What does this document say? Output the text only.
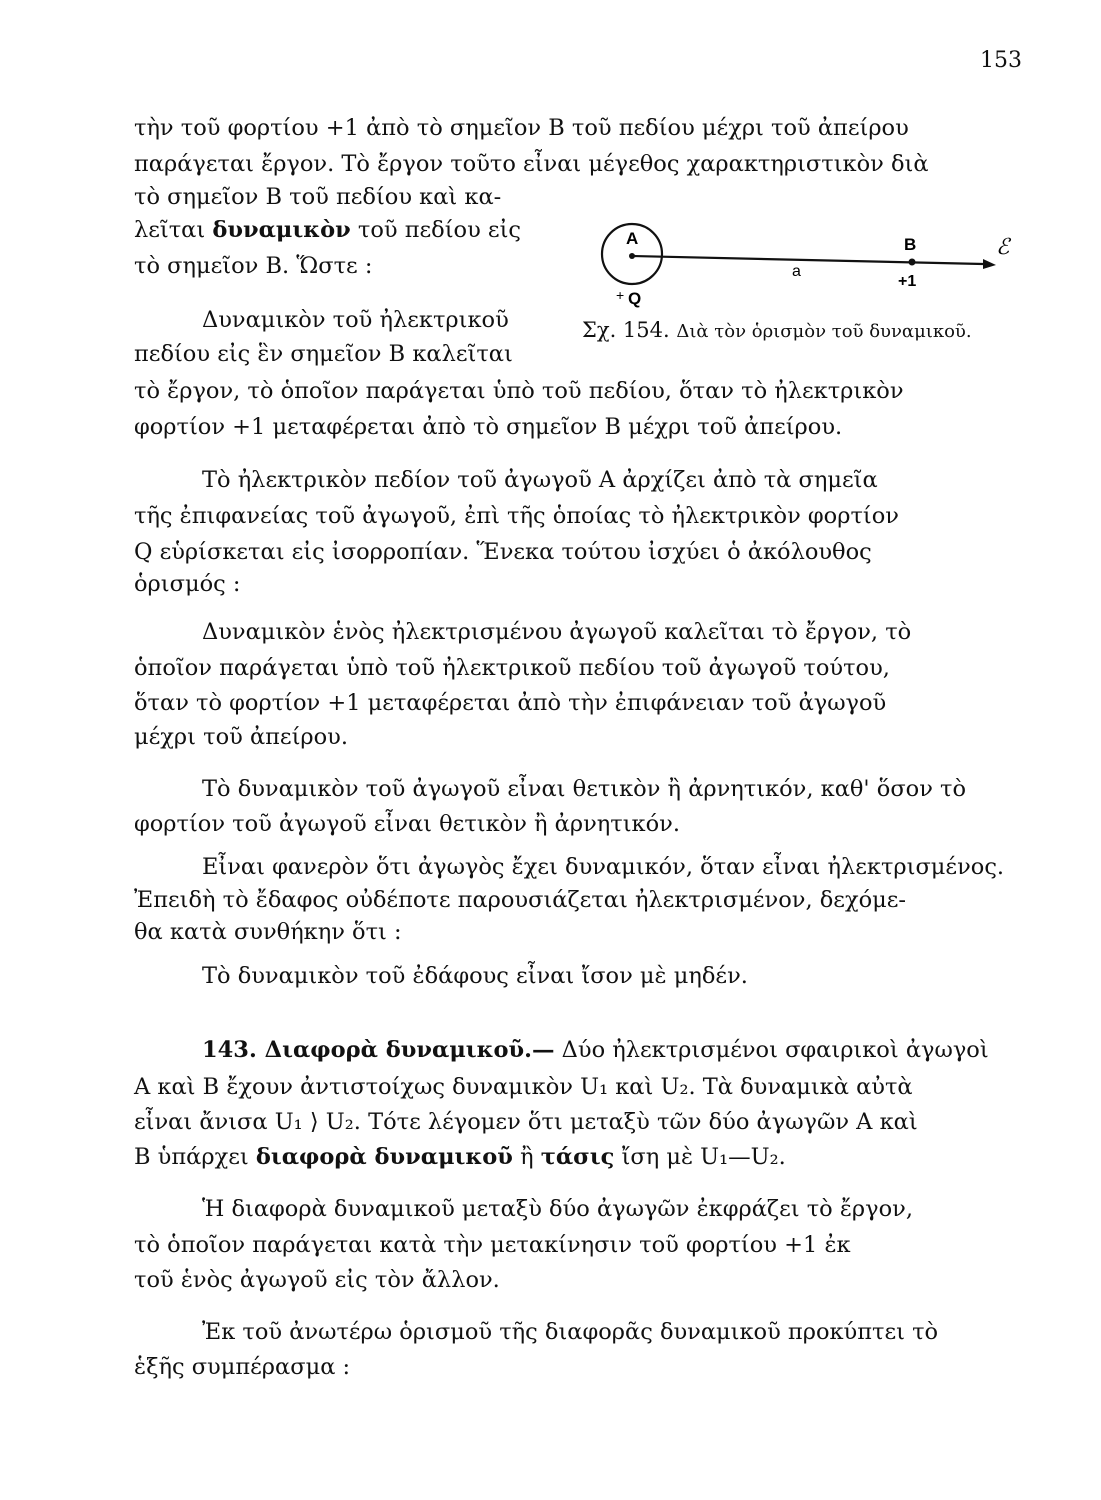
153
τὴν τοῦ φορτίου +1 ἀπὸ τὸ σημεῖον Β τοῦ πεδίου μέχρι τοῦ ἀπείρου
παράγεται ἔργον. Τὸ ἔργον τοῦτο εἶναι μέγεθος χαρακτηριστικὸν διὰ
τὸ σημεῖον Β τοῦ πεδίου καὶ κα-
λεῖται δυναμικὸν τοῦ πεδίου εἰς
τὸ σημεῖον Β. Ὥστε :
A	B
a
+1
+ Q
ℰ
Σχ. 154. Διὰ τὸν ὁρισμὸν τοῦ δυναμικοῦ.
Δυναμικὸν τοῦ ἠλεκτρικοῦ
πεδίου εἰς ἓν σημεῖον Β καλεῖται
τὸ ἔργον, τὸ ὁποῖον παράγεται ὑπὸ τοῦ πεδίου, ὅταν τὸ ἠλεκτρικὸν
φορτίον +1 μεταφέρεται ἀπὸ τὸ σημεῖον Β μέχρι τοῦ ἀπείρου.
Τὸ ἠλεκτρικὸν πεδίον τοῦ ἀγωγοῦ Α ἀρχίζει ἀπὸ τὰ σημεῖα
τῆς ἐπιφανείας τοῦ ἀγωγοῦ, ἐπὶ τῆς ὁποίας τὸ ἠλεκτρικὸν φορτίον
Q εὑρίσκεται εἰς ἰσορροπίαν. Ἕνεκα τούτου ἰσχύει ὁ ἀκόλουθος
ὁρισμός :
Δυναμικὸν ἑνὸς ἠλεκτρισμένου ἀγωγοῦ καλεῖται τὸ ἔργον, τὸ
ὁποῖον παράγεται ὑπὸ τοῦ ἠλεκτρικοῦ πεδίου τοῦ ἀγωγοῦ τούτου,
ὅταν τὸ φορτίον +1 μεταφέρεται ἀπὸ τὴν ἐπιφάνειαν τοῦ ἀγωγοῦ
μέχρι τοῦ ἀπείρου.
Τὸ δυναμικὸν τοῦ ἀγωγοῦ εἶναι θετικὸν ἢ ἀρνητικόν, καθ' ὅσον τὸ
φορτίον τοῦ ἀγωγοῦ εἶναι θετικὸν ἢ ἀρνητικόν.
Εἶναι φανερὸν ὅτι ἀγωγὸς ἔχει δυναμικόν, ὅταν εἶναι ἠλεκτρισμένος.
Ἐπειδὴ τὸ ἔδαφος οὐδέποτε παρουσιάζεται ἠλεκτρισμένον, δεχόμε-
θα κατὰ συνθήκην ὅτι :
Τὸ δυναμικὸν τοῦ ἐδάφους εἶναι ἴσον μὲ μηδέν.
143. Διαφορὰ δυναμικοῦ.— Δύο ἠλεκτρισμένοι σφαιρικοὶ ἀγωγοὶ
Α καὶ Β ἔχουν ἀντιστοίχως δυναμικὸν U₁ καὶ U₂. Τὰ δυναμικὰ αὐτὰ
εἶναι ἄνισα U₁ ⟩ U₂. Τότε λέγομεν ὅτι μεταξὺ τῶν δύο ἀγωγῶν Α καὶ
Β ὑπάρχει διαφορὰ δυναμικοῦ ἢ τάσις ἴση μὲ U₁—U₂.
Ἡ διαφορὰ δυναμικοῦ μεταξὺ δύο ἀγωγῶν ἐκφράζει τὸ ἔργον,
τὸ ὁποῖον παράγεται κατὰ τὴν μετακίνησιν τοῦ φορτίου +1 ἐκ
τοῦ ἑνὸς ἀγωγοῦ εἰς τὸν ἄλλον.
Ἐκ τοῦ ἀνωτέρω ὁρισμοῦ τῆς διαφορᾶς δυναμικοῦ προκύπτει τὸ
ἑξῆς συμπέρασμα :
